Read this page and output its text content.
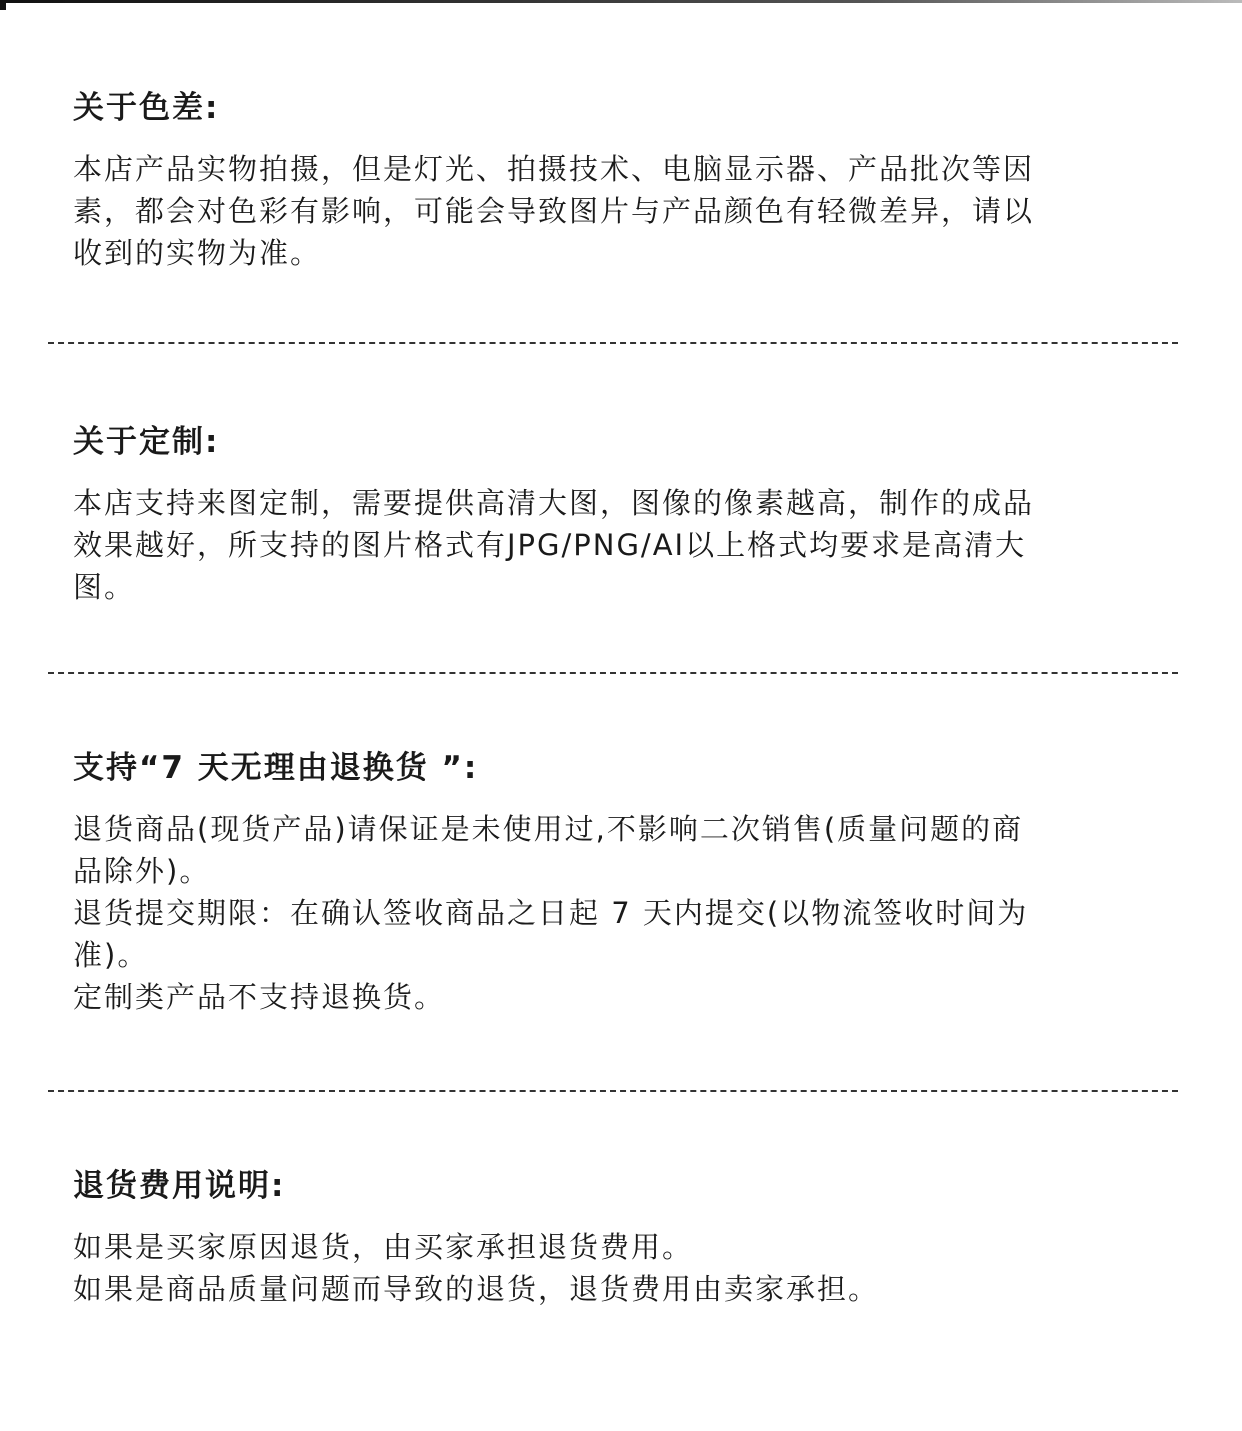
关于色差:
本店产品实物拍摄，但是灯光、拍摄技术、电脑显示器、产品批次等因
素，都会对色彩有影响，可能会导致图片与产品颜色有轻微差异，请以
收到的实物为准。
关于定制:
本店支持来图定制，需要提供高清大图，图像的像素越高，制作的成品
效果越好，所支持的图片格式有JPG/PNG/AI以上格式均要求是高清大
图。
支持“7 天无理由退换货 ”:
退货商品(现货产品)请保证是未使用过,不影响二次销售(质量问题的商
品除外)。
退货提交期限：在确认签收商品之日起 7 天内提交(以物流签收时间为
准)。
定制类产品不支持退换货。
退货费用说明:
如果是买家原因退货，由买家承担退货费用。
如果是商品质量问题而导致的退货，退货费用由卖家承担。
